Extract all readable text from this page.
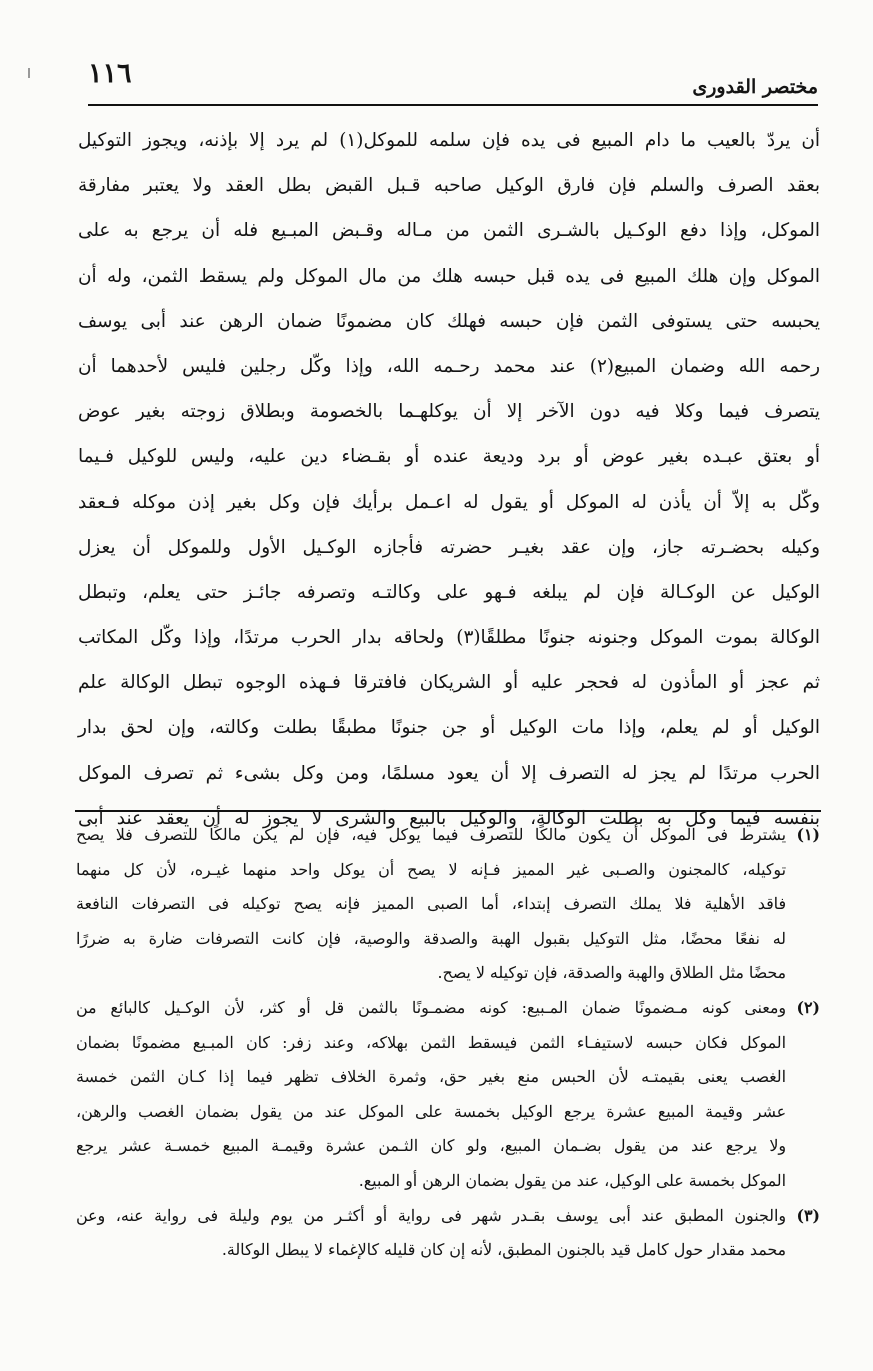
١١٦	مختصر القدورى
أن يردّ بالعيب ما دام المبيع فى يده فإن سلمه للموكل(١) لم يرد إلا بإذنه، ويجوز التوكيل
بعقد الصرف والسلم فإن فارق الوكيل صاحبه قـبل القبض بطل العقد ولا يعتبر مفارقة
الموكل، وإذا دفع الوكـيل بالشـرى الثمن من مـاله وقـبض المبـيع فله أن يرجع به على
الموكل وإن هلك المبيع فى يده قبل حبسه هلك من مال الموكل ولم يسقط الثمن، وله أن
يحبسه حتى يستوفى الثمن فإن حبسه فهلك كان مضمونًا ضمان الرهن عند أبى يوسف
رحمه الله وضمان المبيع(٢) عند محمد رحـمه الله، وإذا وكّل رجلين فليس لأحدهما أن
يتصرف فيما وكلا فيه دون الآخر إلا أن يوكلهـما بالخصومة وبطلاق زوجته بغير عوض
أو بعتق عبـده بغير عوض أو برد وديعة عنده أو بقـضاء دين عليه، وليس للوكيل فـيما
وكّل به إلاّ أن يأذن له الموكل أو يقول له اعـمل برأيك فإن وكل بغير إذن موكله فـعقد
وكيله بحضـرته جاز، وإن عقد بغيـر حضرته فأجازه الوكـيل الأول وللموكل أن يعزل
الوكيل عن الوكـالة فإن لم يبلغه فـهو على وكالتـه وتصرفه جائـز حتى يعلم، وتبطل
الوكالة بموت الموكل وجنونه جنونًا مطلقًا(٣) ولحاقه بدار الحرب مرتدًا، وإذا وكّل المكاتب
ثم عجز أو المأذون له فحجر عليه أو الشريكان فافترقا فـهذه الوجوه تبطل الوكالة علم
الوكيل أو لم يعلم، وإذا مات الوكيل أو جن جنونًا مطبقًا بطلت وكالته، وإن لحق بدار
الحرب مرتدًا لم يجز له التصرف إلا أن يعود مسلمًا، ومن وكل بشىء ثم تصرف الموكل
بنفسه فيما وكل به بطلت الوكالة، والوكيل بالبيع والشرى لا يجوز له أن يعقد عند أبى
(١)
يشترط فى الموكل أن يكون مالكًا للتصرف فيما يوكل فيه، فإن لم يكن مالكًا للتصرف فلا يصح
توكيله، كالمجنون والصـبى غير المميز فـإنه لا يصح أن يوكل واحد منهما غيـره، لأن كل منهما
فاقد الأهلية فلا يملك التصرف إبتداء، أما الصبى المميز فإنه يصح توكيله فى التصرفات النافعة
له نفعًا محضًا، مثل التوكيل بقبول الهبة والصدقة والوصية، فإن كانت التصرفات ضارة به ضررًا
محضًا مثل الطلاق والهبة والصدقة، فإن توكيله لا يصح.
(٢)
ومعنى كونه مـضمونًا ضمان المـبيع: كونه مضمـونًا بالثمن قل أو كثر، لأن الوكـيل كالبائع من
الموكل فكان حبسه لاستيفـاء الثمن فيسقط الثمن بهلاكه، وعند زفر: كان المبـيع مضمونًا بضمان
الغصب يعنى بقيمتـه لأن الحبس منع بغير حق، وثمرة الخلاف تظهر فيما إذا كـان الثمن خمسة
عشر وقيمة المبيع عشرة يرجع الوكيل بخمسة على الموكل عند من يقول بضمان الغصب والرهن،
ولا يرجع عند من يقول بضـمان المبيع، ولو كان الثـمن عشرة وقيمـة المبيع خمسـة عشر يرجع
الموكل بخمسة على الوكيل، عند من يقول بضمان الرهن أو المبيع.
(٣)
والجنون المطبق عند أبى يوسف بقـدر شهر فى رواية أو أكثـر من يوم وليلة فى رواية عنه، وعن
محمد مقدار حول كامل قيد بالجنون المطبق، لأنه إن كان قليله كالإغماء لا يبطل الوكالة.
